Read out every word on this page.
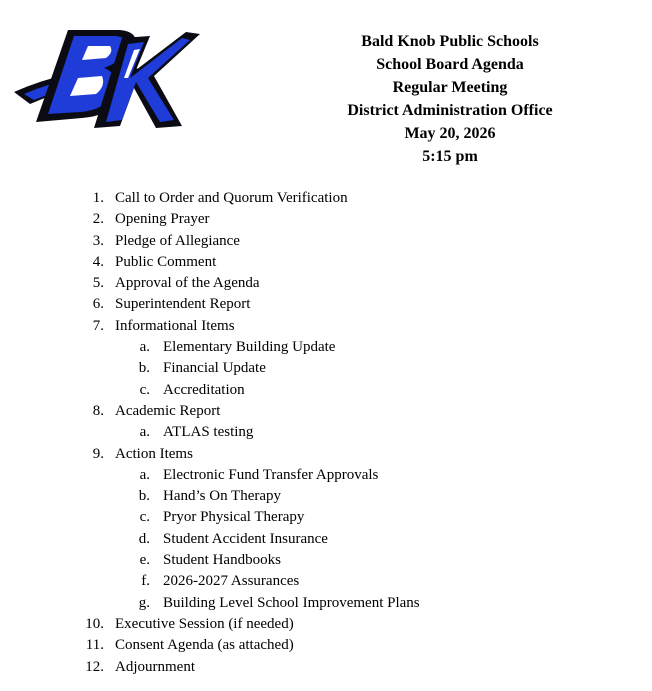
Bald Knob Public Schools
School Board Agenda
Regular Meeting
District Administration Office
May 20, 2026
5:15 pm
1. Call to Order and Quorum Verification
2. Opening Prayer
3. Pledge of Allegiance
4. Public Comment
5. Approval of the Agenda
6. Superintendent Report
7. Informational Items
a. Elementary Building Update
b. Financial Update
c. Accreditation
8. Academic Report
a. ATLAS testing
9. Action Items
a. Electronic Fund Transfer Approvals
b. Hand’s On Therapy
c. Pryor Physical Therapy
d. Student Accident Insurance
e. Student Handbooks
f. 2026-2027 Assurances
g. Building Level School Improvement Plans
10. Executive Session (if needed)
11. Consent Agenda (as attached)
12. Adjournment
